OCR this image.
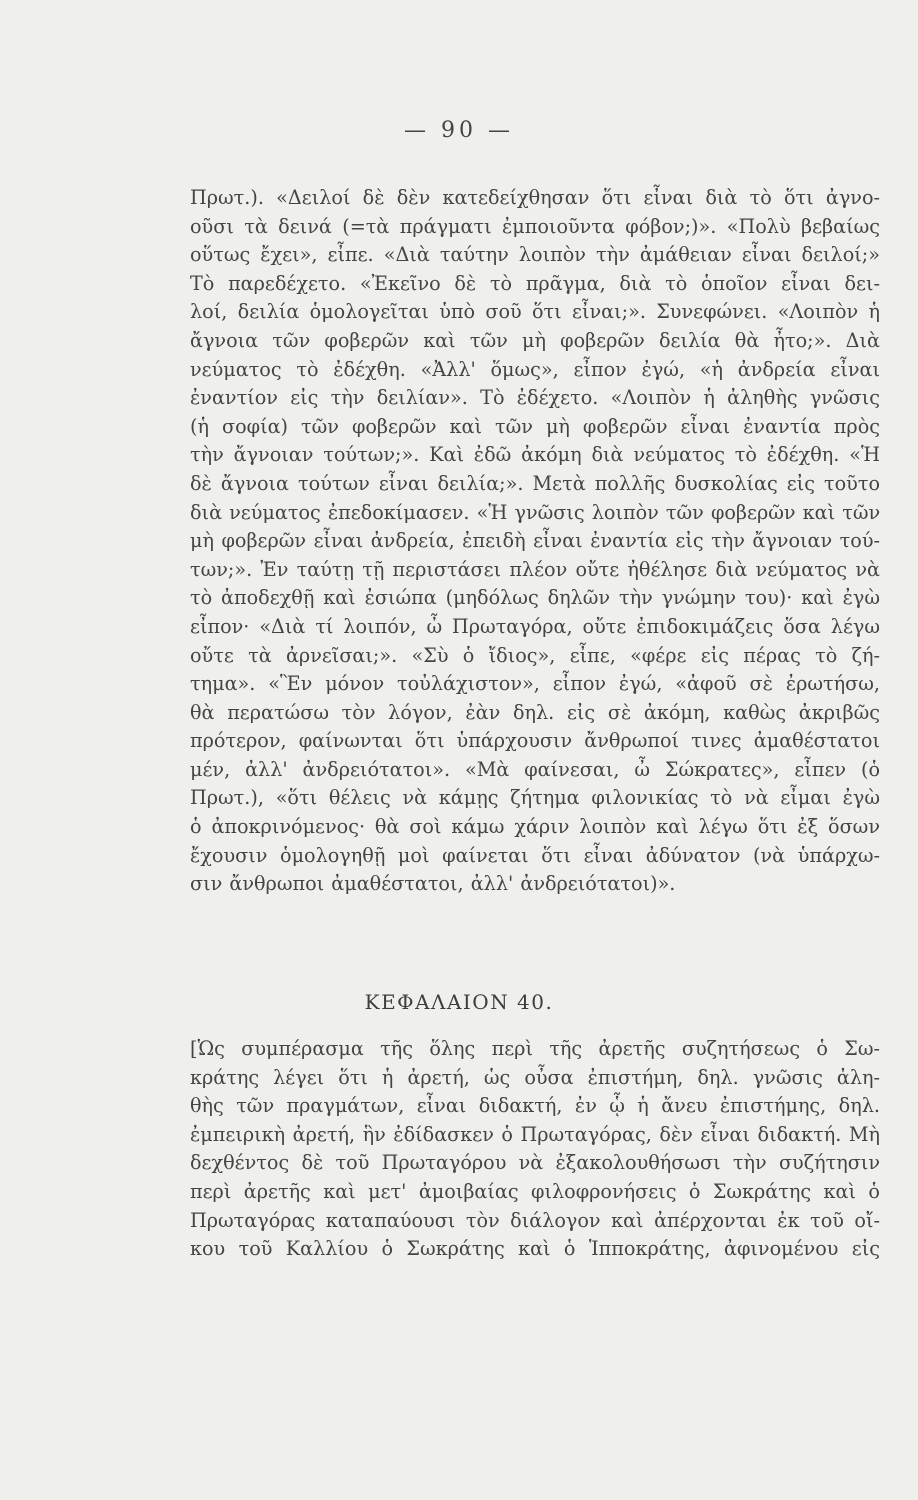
— 90 —
Πρωτ.). «Δειλοί δὲ δὲν κατεδείχθησαν ὅτι εἶναι διὰ τὸ ὅτι ἀγνο-
οῦσι τὰ δεινά (=τὰ πράγματι ἐμποιοῦντα φόβον;)». «Πολὺ βεβαίως
οὕτως ἔχει», εἶπε. «Διὰ ταύτην λοιπὸν τὴν ἀμάθειαν εἶναι δειλοί;»
Τὸ παρεδέχετο. «Ἐκεῖνο δὲ τὸ πρᾶγμα, διὰ τὸ ὁποῖον εἶναι δει-
λοί, δειλία ὁμολογεῖται ὑπὸ σοῦ ὅτι εἶναι;». Συνεφώνει. «Λοιπὸν ἡ
ἄγνοια τῶν φοβερῶν καὶ τῶν μὴ φοβερῶν δειλία θὰ ἦτο;». Διὰ
νεύματος τὸ ἐδέχθη. «Ἀλλ' ὅμως», εἶπον ἐγώ, «ἡ ἀνδρεία εἶναι
ἐναντίον εἰς τὴν δειλίαν». Τὸ ἐδέχετο. «Λοιπὸν ἡ ἀληθὴς γνῶσις
(ἡ σοφία) τῶν φοβερῶν καὶ τῶν μὴ φοβερῶν εἶναι ἐναντία πρὸς
τὴν ἄγνοιαν τούτων;». Καὶ ἐδῶ ἀκόμη διὰ νεύματος τὸ ἐδέχθη. «Ἡ
δὲ ἄγνοια τούτων εἶναι δειλία;». Μετὰ πολλῆς δυσκολίας εἰς τοῦτο
διὰ νεύματος ἐπεδοκίμασεν. «Ἡ γνῶσις λοιπὸν τῶν φοβερῶν καὶ τῶν
μὴ φοβερῶν εἶναι ἀνδρεία, ἐπειδὴ εἶναι ἐναντία εἰς τὴν ἄγνοιαν τού-
των;». Ἐν ταύτῃ τῇ περιστάσει πλέον οὔτε ἠθέλησε διὰ νεύματος νὰ
τὸ ἀποδεχθῇ καὶ ἐσιώπα (μηδόλως δηλῶν τὴν γνώμην του)· καὶ ἐγὼ
εἶπον· «Διὰ τί λοιπόν, ὦ Πρωταγόρα, οὔτε ἐπιδοκιμάζεις ὅσα λέγω
οὔτε τὰ ἀρνεῖσαι;». «Σὺ ὁ ἴδιος», εἶπε, «φέρε εἰς πέρας τὸ ζή-
τημα». «Ἓν μόνον τοὐλάχιστον», εἶπον ἐγώ, «ἀφοῦ σὲ ἐρωτήσω,
θὰ περατώσω τὸν λόγον, ἐὰν δηλ. εἰς σὲ ἀκόμη, καθὼς ἀκριβῶς
πρότερον, φαίνωνται ὅτι ὑπάρχουσιν ἄνθρωποί τινες ἀμαθέστατοι
μέν, ἀλλ' ἀνδρειότατοι». «Μὰ φαίνεσαι, ὦ Σώκρατες», εἶπεν (ὁ
Πρωτ.), «ὅτι θέλεις νὰ κάμῃς ζήτημα φιλονικίας τὸ νὰ εἶμαι ἐγὼ
ὁ ἀποκρινόμενος· θὰ σοὶ κάμω χάριν λοιπὸν καὶ λέγω ὅτι ἐξ ὅσων
ἔχουσιν ὁμολογηθῇ μοὶ φαίνεται ὅτι εἶναι ἀδύνατον (νὰ ὑπάρχω-
σιν ἄνθρωποι ἀμαθέστατοι, ἀλλ' ἀνδρειότατοι)».
ΚΕΦΑΛΑΙΟΝ 40.
[Ὡς συμπέρασμα τῆς ὅλης περὶ τῆς ἀρετῆς συζητήσεως ὁ Σω-
κράτης λέγει ὅτι ἡ ἀρετή, ὡς οὖσα ἐπιστήμη, δηλ. γνῶσις ἀλη-
θὴς τῶν πραγμάτων, εἶναι διδακτή, ἐν ᾧ ἡ ἄνευ ἐπιστήμης, δηλ.
ἐμπειρικὴ ἀρετή, ἣν ἐδίδασκεν ὁ Πρωταγόρας, δὲν εἶναι διδακτή. Μὴ
δεχθέντος δὲ τοῦ Πρωταγόρου νὰ ἐξακολουθήσωσι τὴν συζήτησιν
περὶ ἀρετῆς καὶ μετ' ἀμοιβαίας φιλοφρονήσεις ὁ Σωκράτης καὶ ὁ
Πρωταγόρας καταπαύουσι τὸν διάλογον καὶ ἀπέρχονται ἐκ τοῦ οἴ-
κου τοῦ Καλλίου ὁ Σωκράτης καὶ ὁ Ἱπποκράτης, ἀφινομένου εἰς
